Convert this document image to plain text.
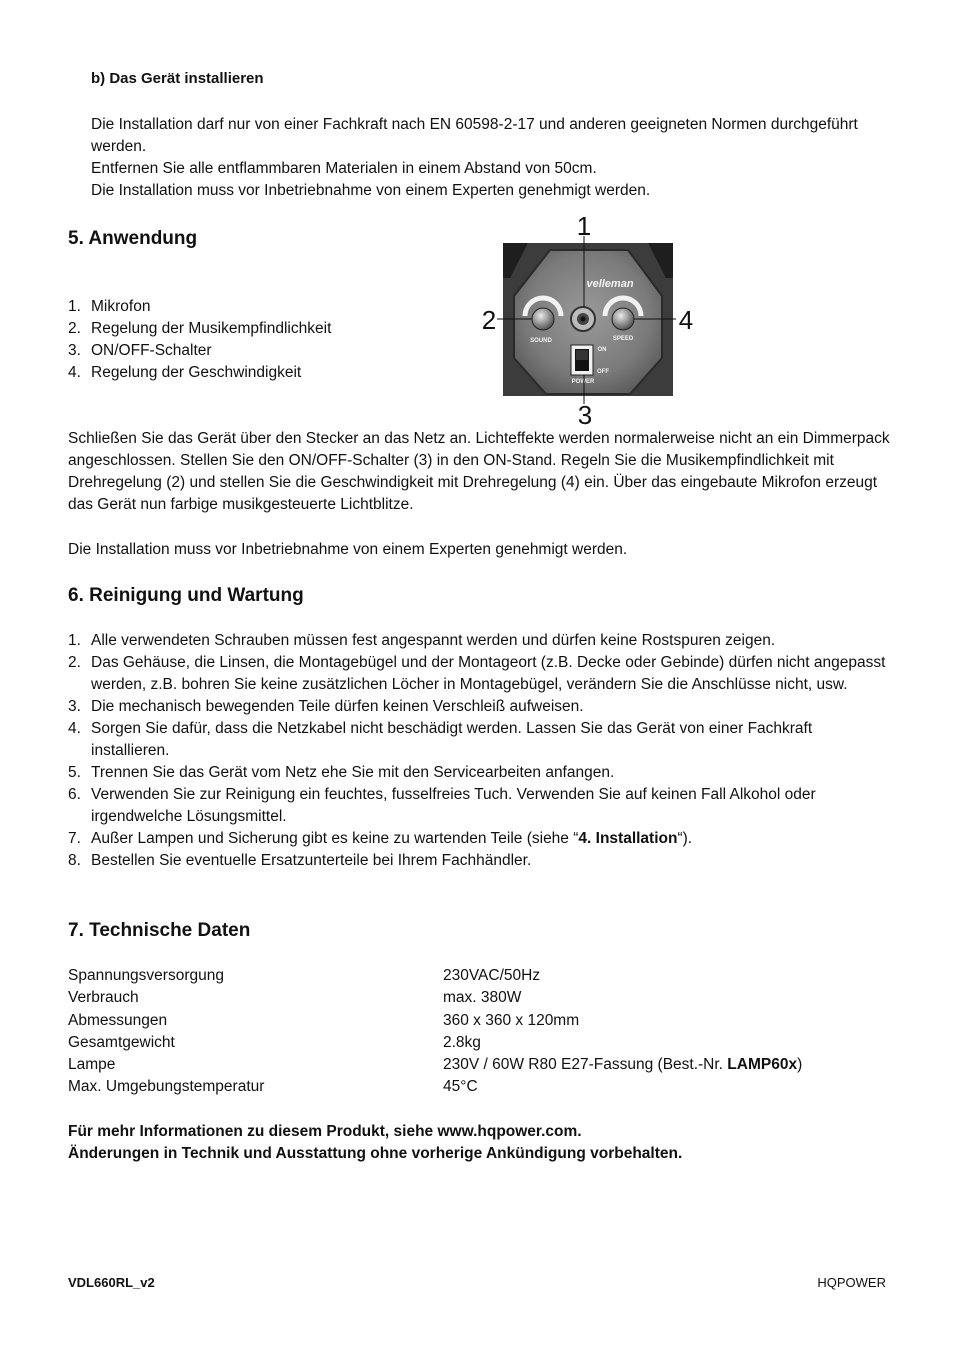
b) Das Gerät installieren
Die Installation darf nur von einer Fachkraft nach EN 60598-2-17 und anderen geeigneten Normen durchgeführt werden.
Entfernen Sie alle entflammbaren Materialen in einem Abstand von 50cm.
Die Installation muss vor Inbetriebnahme von einem Experten genehmigt werden.
5. Anwendung
1. Mikrofon
2. Regelung der Musikempfindlichkeit
3. ON/OFF-Schalter
4. Regelung der Geschwindigkeit
velleman
SOUND	SPEED
ON
OFF
POWER
1
2
3
4
Schließen Sie das Gerät über den Stecker an das Netz an. Lichteffekte werden normalerweise nicht an ein Dimmerpack angeschlossen. Stellen Sie den ON/OFF-Schalter (3) in den ON-Stand. Regeln Sie die Musikempfindlichkeit mit Drehregelung (2) und stellen Sie die Geschwindigkeit mit Drehregelung (4) ein. Über das eingebaute Mikrofon erzeugt das Gerät nun farbige musikgesteuerte Lichtblitze.
Die Installation muss vor Inbetriebnahme von einem Experten genehmigt werden.
6. Reinigung und Wartung
1. Alle verwendeten Schrauben müssen fest angespannt werden und dürfen keine Rostspuren zeigen.
2. Das Gehäuse, die Linsen, die Montagebügel und der Montageort (z.B. Decke oder Gebinde) dürfen nicht angepasst werden, z.B. bohren Sie keine zusätzlichen Löcher in Montagebügel, verändern Sie die Anschlüsse nicht, usw.
3. Die mechanisch bewegenden Teile dürfen keinen Verschleiß aufweisen.
4. Sorgen Sie dafür, dass die Netzkabel nicht beschädigt werden. Lassen Sie das Gerät von einer Fachkraft installieren.
5. Trennen Sie das Gerät vom Netz ehe Sie mit den Servicearbeiten anfangen.
6. Verwenden Sie zur Reinigung ein feuchtes, fusselfreies Tuch. Verwenden Sie auf keinen Fall Alkohol oder irgendwelche Lösungsmittel.
7. Außer Lampen und Sicherung gibt es keine zu wartenden Teile (siehe “4. Installation“).
8. Bestellen Sie eventuelle Ersatzunterteile bei Ihrem Fachhändler.
7. Technische Daten
Spannungsversorgung	230VAC/50Hz
Verbrauch	max. 380W
Abmessungen	360 x 360 x 120mm
Gesamtgewicht	2.8kg
Lampe	230V / 60W R80 E27-Fassung (Best.-Nr. LAMP60x)
Max. Umgebungstemperatur	45°C
Für mehr Informationen zu diesem Produkt, siehe www.hqpower.com.
Änderungen in Technik und Ausstattung ohne vorherige Ankündigung vorbehalten.
VDL660RL_v2	HQPOWER
